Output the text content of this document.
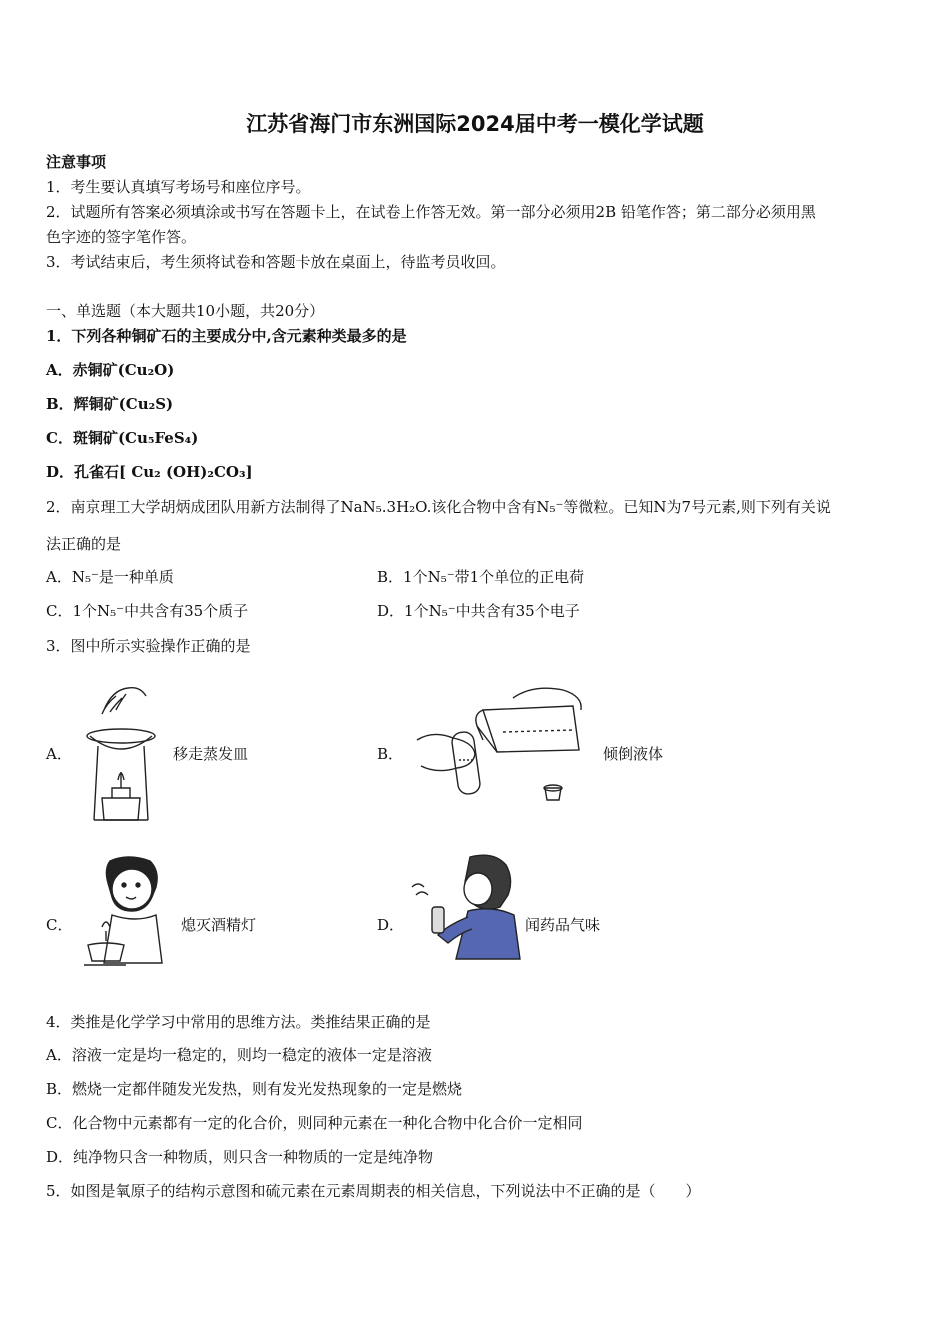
江苏省海门市东洲国际2024届中考一模化学试题
注意事项
1．考生要认真填写考场号和座位序号。
2．试题所有答案必须填涂或书写在答题卡上，在试卷上作答无效。第一部分必须用2B 铅笔作答；第二部分必须用黑
色字迹的签字笔作答。
3．考试结束后，考生须将试卷和答题卡放在桌面上，待监考员收回。
一、单选题（本大题共10小题，共20分）
1．下列各种铜矿石的主要成分中,含元素种类最多的是
A．赤铜矿(Cu₂O)
B．辉铜矿(Cu₂S)
C．斑铜矿(Cu₅FeS₄)
D．孔雀石[ Cu₂ (OH)₂CO₃]
2．南京理工大学胡炳成团队用新方法制得了NaN₅.3H₂O.该化合物中含有N₅⁻等微粒。已知N为7号元素,则下列有关说
法正确的是
A．N₅⁻是一种单质	B．1个N₅⁻带1个单位的正电荷
C．1个N₅⁻中共含有35个质子	D．1个N₅⁻中共含有35个电子
3．图中所示实验操作正确的是
A．	移走蒸发皿	B．	倾倒液体
C．	熄灭酒精灯	D．	闻药品气味
4．类推是化学学习中常用的思维方法。类推结果正确的是
A．溶液一定是均一稳定的，则均一稳定的液体一定是溶液
B．燃烧一定都伴随发光发热，则有发光发热现象的一定是燃烧
C．化合物中元素都有一定的化合价，则同种元素在一种化合物中化合价一定相同
D．纯净物只含一种物质，则只含一种物质的一定是纯净物
5．如图是氧原子的结构示意图和硫元素在元素周期表的相关信息，下列说法中不正确的是（　　）
